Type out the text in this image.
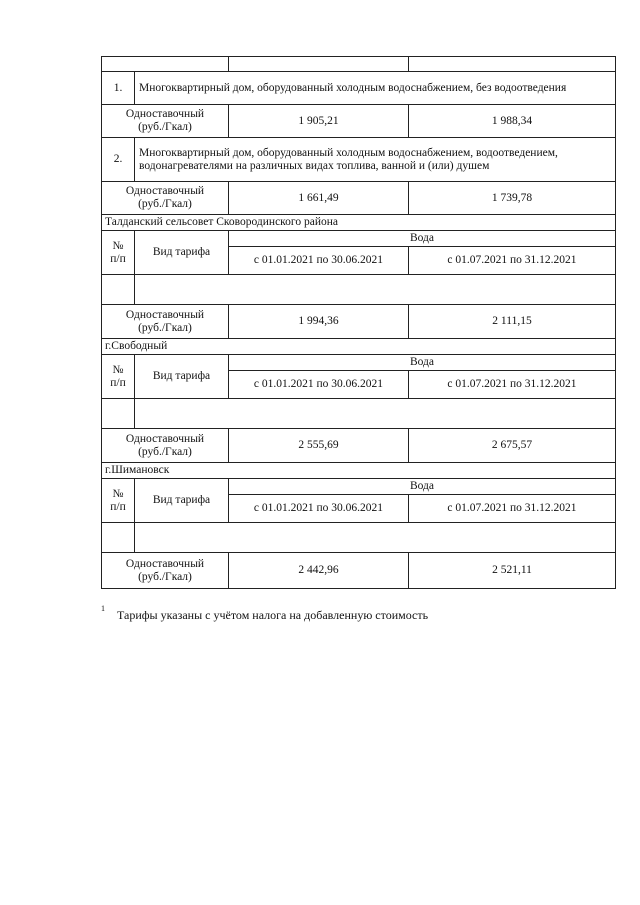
1.	Многоквартирный дом, оборудованный холодным водоснабжением, без водоотведения		

Одноставочный
(руб./Гкал)		1 905,21	1 988,34
2.	Многоквартирный дом, оборудованный холодным водоснабжением, водоотведением, водонагревателями на различных видах топлива, ванной и (или) душем		

Одноставочный
(руб./Гкал)		1 661,49	1 739,78
Талданский сельсовет Сковородинского района			

№
п/п	Вид тарифа	Вода	
		с 01.01.2021 по 30.06.2021	с 01.07.2021 по 31.12.2021

Одноставочный
(руб./Гкал)		1 994,36	2 111,15
г.Свободный			

№
п/п	Вид тарифа	Вода	
		с 01.01.2021 по 30.06.2021	с 01.07.2021 по 31.12.2021

Одноставочный
(руб./Гкал)		2 555,69	2 675,57
г.Шимановск			

№
п/п	Вид тарифа	Вода	
		с 01.01.2021 по 30.06.2021	с 01.07.2021 по 31.12.2021

Одноставочный
(руб./Гкал)		2 442,96	2 521,11
$^1$ Тарифы указаны с учётом налога на добавленную стоимость
